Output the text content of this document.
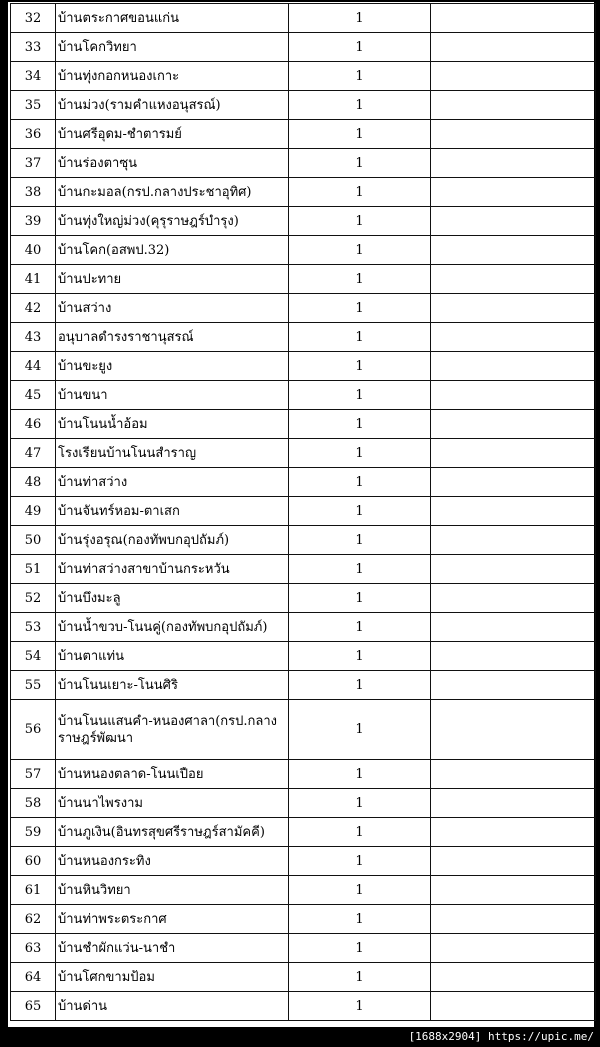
32	บ้านตระกาศขอนแก่น	1	
33	บ้านโคกวิทยา	1	
34	บ้านทุ่งกอกหนองเกาะ	1	
35	บ้านม่วง(รามคำแหงอนุสรณ์)	1	
36	บ้านศรีอุดม-ชำตารมย์	1	
37	บ้านร่องตาซุน	1	
38	บ้านกะมอล(กรป.กลางประชาอุทิศ)	1	
39	บ้านทุ่งใหญ่ม่วง(คุรุราษฎร์บำรุง)	1	
40	บ้านโคก(อสพป.32)	1	
41	บ้านปะทาย	1	
42	บ้านสว่าง	1	
43	อนุบาลดำรงราชานุสรณ์	1	
44	บ้านขะยูง	1	
45	บ้านขนา	1	
46	บ้านโนนน้ำอ้อม	1	
47	โรงเรียนบ้านโนนสำราญ	1	
48	บ้านท่าสว่าง	1	
49	บ้านจันทร์หอม-ตาเสก	1	
50	บ้านรุ่งอรุณ(กองทัพบกอุปถัมภ์)	1	
51	บ้านท่าสว่างสาขาบ้านกระหวัน	1	
52	บ้านบึงมะลู	1	
53	บ้านน้ำขวบ-โนนคู่(กองทัพบกอุปถัมภ์)	1	
54	บ้านตาแท่น	1	
55	บ้านโนนเยาะ-โนนศิริ	1	
56	บ้านโนนแสนคำ-หนองศาลา(กรป.กลางราษฎร์พัฒนา	1	
57	บ้านหนองตลาด-โนนเปือย	1	
58	บ้านนาไพรงาม	1	
59	บ้านภูเงิน(อินทรสุขศรีราษฎร์สามัคคี)	1	
60	บ้านหนองกระทิง	1	
61	บ้านหินวิทยา	1	
62	บ้านท่าพระตระกาศ	1	
63	บ้านชำผักแว่น-นาชำ	1	
64	บ้านโศกขามป้อม	1	
65	บ้านด่าน	1	
[1688x2904] https://upic.me/
